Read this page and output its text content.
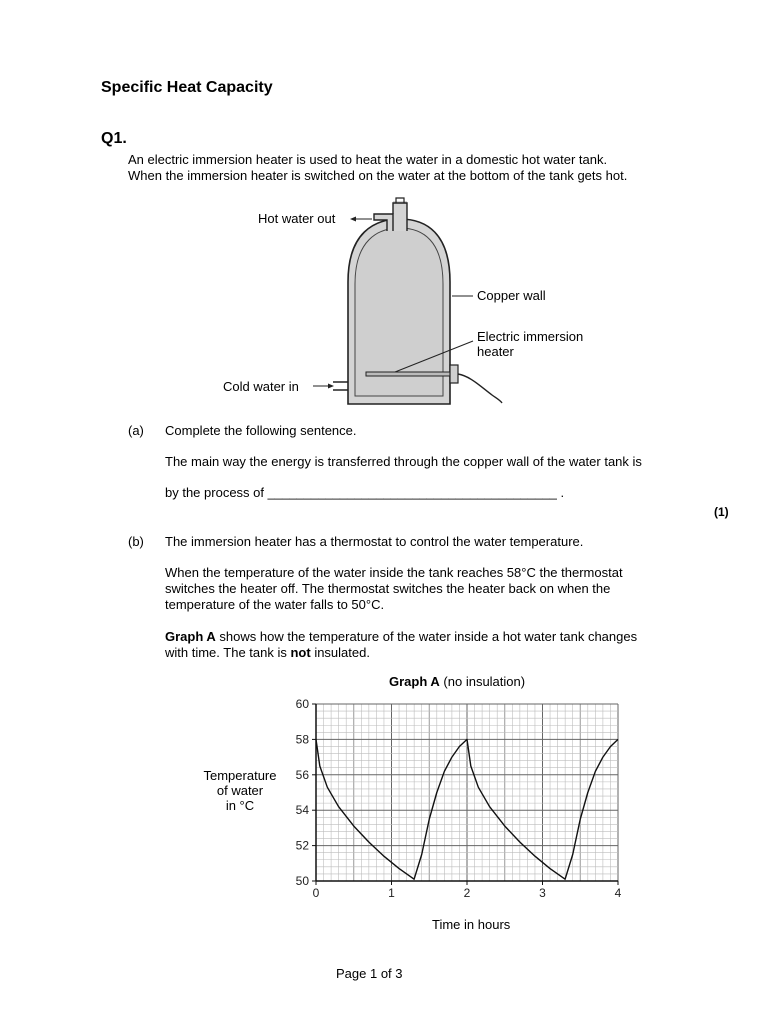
Specific Heat Capacity
Q1.
An electric immersion heater is used to heat the water in a domestic hot water tank.
When the immersion heater is switched on the water at the bottom of the tank gets hot.
Hot water out
Copper wall
Electric immersion
heater
Cold water in
(a) Complete the following sentence.
The main way the energy is transferred through the copper wall of the water tank is
by the process of ________________________________________ .
(1)
(b) The immersion heater has a thermostat to control the water temperature.
When the temperature of the water inside the tank reaches 58°C the thermostat
switches the heater off. The thermostat switches the heater back on when the
temperature of the water falls to 50°C.
Graph A shows how the temperature of the water inside a hot water tank changes
with time. The tank is not insulated.
Graph A (no insulation)
Temperature
of water
in °C
50
52
54
56
58
60
0	1	2	3	4
Time in hours
Page 1 of 3
